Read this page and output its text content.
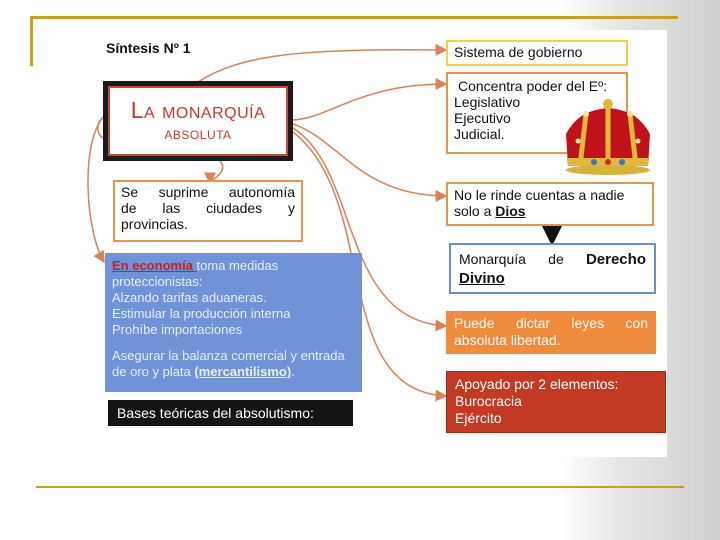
Síntesis Nº 1
La monarquía
absoluta
Sistema de gobierno
Concentra poder del Eº:
Legislativo
Ejecutivo
Judicial.
Se suprime autonomía
de las ciudades y
provincias.
No le rinde cuentas a nadie
solo a Dios
Monarquía de Derecho
Divino
En economía toma medidas
proteccionistas:
Alzando tarifas aduaneras.
Estimular la producción interna
Prohíbe importaciones
Asegurar la balanza comercial y entrada
de oro y plata (mercantilismo).
Bases teóricas del absolutismo:
Puede dictar leyes con
absoluta libertad.
Apoyado por 2 elementos:
Burocracia
Ejército
